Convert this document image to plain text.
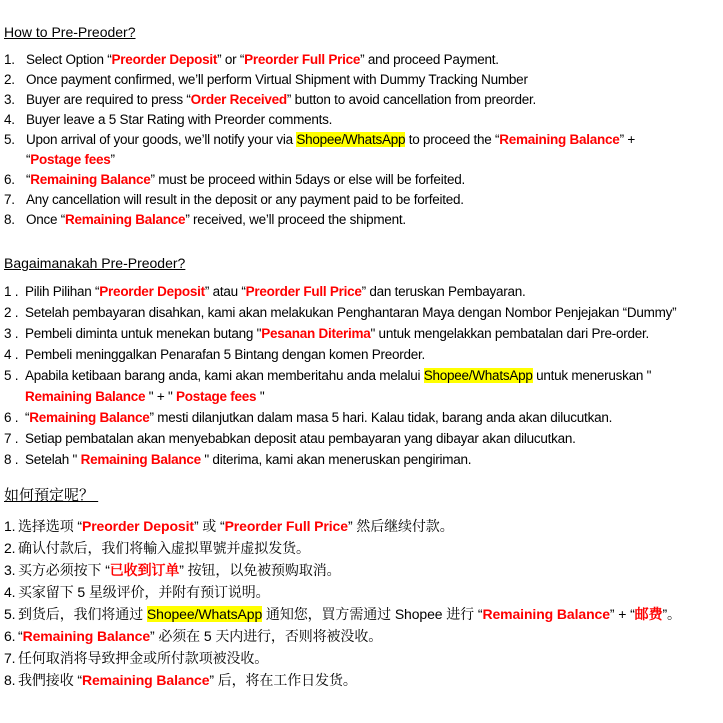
How to Pre-Preoder?
1. Select Option “Preorder Deposit” or “Preorder Full Price” and proceed Payment.
2. Once payment confirmed, we’ll perform Virtual Shipment with Dummy Tracking Number
3. Buyer are required to press “Order Received” button to avoid cancellation from preorder.
4. Buyer leave a 5 Star Rating with Preorder comments.
5. Upon arrival of your goods, we’ll notify your via Shopee/WhatsApp to proceed the “Remaining Balance” +
“Postage fees”
6. “Remaining Balance” must be proceed within 5days or else will be forfeited.
7. Any cancellation will result in the deposit or any payment paid to be forfeited.
8. Once “Remaining Balance” received, we’ll proceed the shipment.
Bagaimanakah Pre-Preoder?
1 . Pilih Pilihan “Preorder Deposit” atau “Preorder Full Price” dan teruskan Pembayaran.
2 . Setelah pembayaran disahkan, kami akan melakukan Penghantaran Maya dengan Nombor Penjejakan “Dummy”
3 . Pembeli diminta untuk menekan butang "Pesanan Diterima" untuk mengelakkan pembatalan dari Pre-order.
4 . Pembeli meninggalkan Penarafan 5 Bintang dengan komen Preorder.
5 . Apabila ketibaan barang anda, kami akan memberitahu anda melalui Shopee/WhatsApp untuk meneruskan "
Remaining Balance " + " Postage fees "
6 . “Remaining Balance” mesti dilanjutkan dalam masa 5 hari. Kalau tidak, barang anda akan dilucutkan.
7 . Setiap pembatalan akan menyebabkan deposit atau pembayaran yang dibayar akan dilucutkan.
8 . Setelah " Remaining Balance " diterima, kami akan meneruskan pengiriman.
如何預定呢？
1. 选择选项 “Preorder Deposit” 或 “Preorder Full Price” 然后继续付款。
2. 确认付款后，我们将輸入虚拟單號并虚拟发货。
3. 买方必须按下 “已收到订单” 按钮，以免被预购取消。
4. 买家留下 5 星级评价，并附有预订说明。
5. 到货后，我们将通过 Shopee/WhatsApp 通知您，買方需通过 Shopee 进行 “Remaining Balance” + “邮费”。
6. “Remaining Balance” 必须在 5 天内进行，否则将被没收。
7. 任何取消将导致押金或所付款项被没收。
8. 我們接收 “Remaining Balance” 后，将在工作日发货。
